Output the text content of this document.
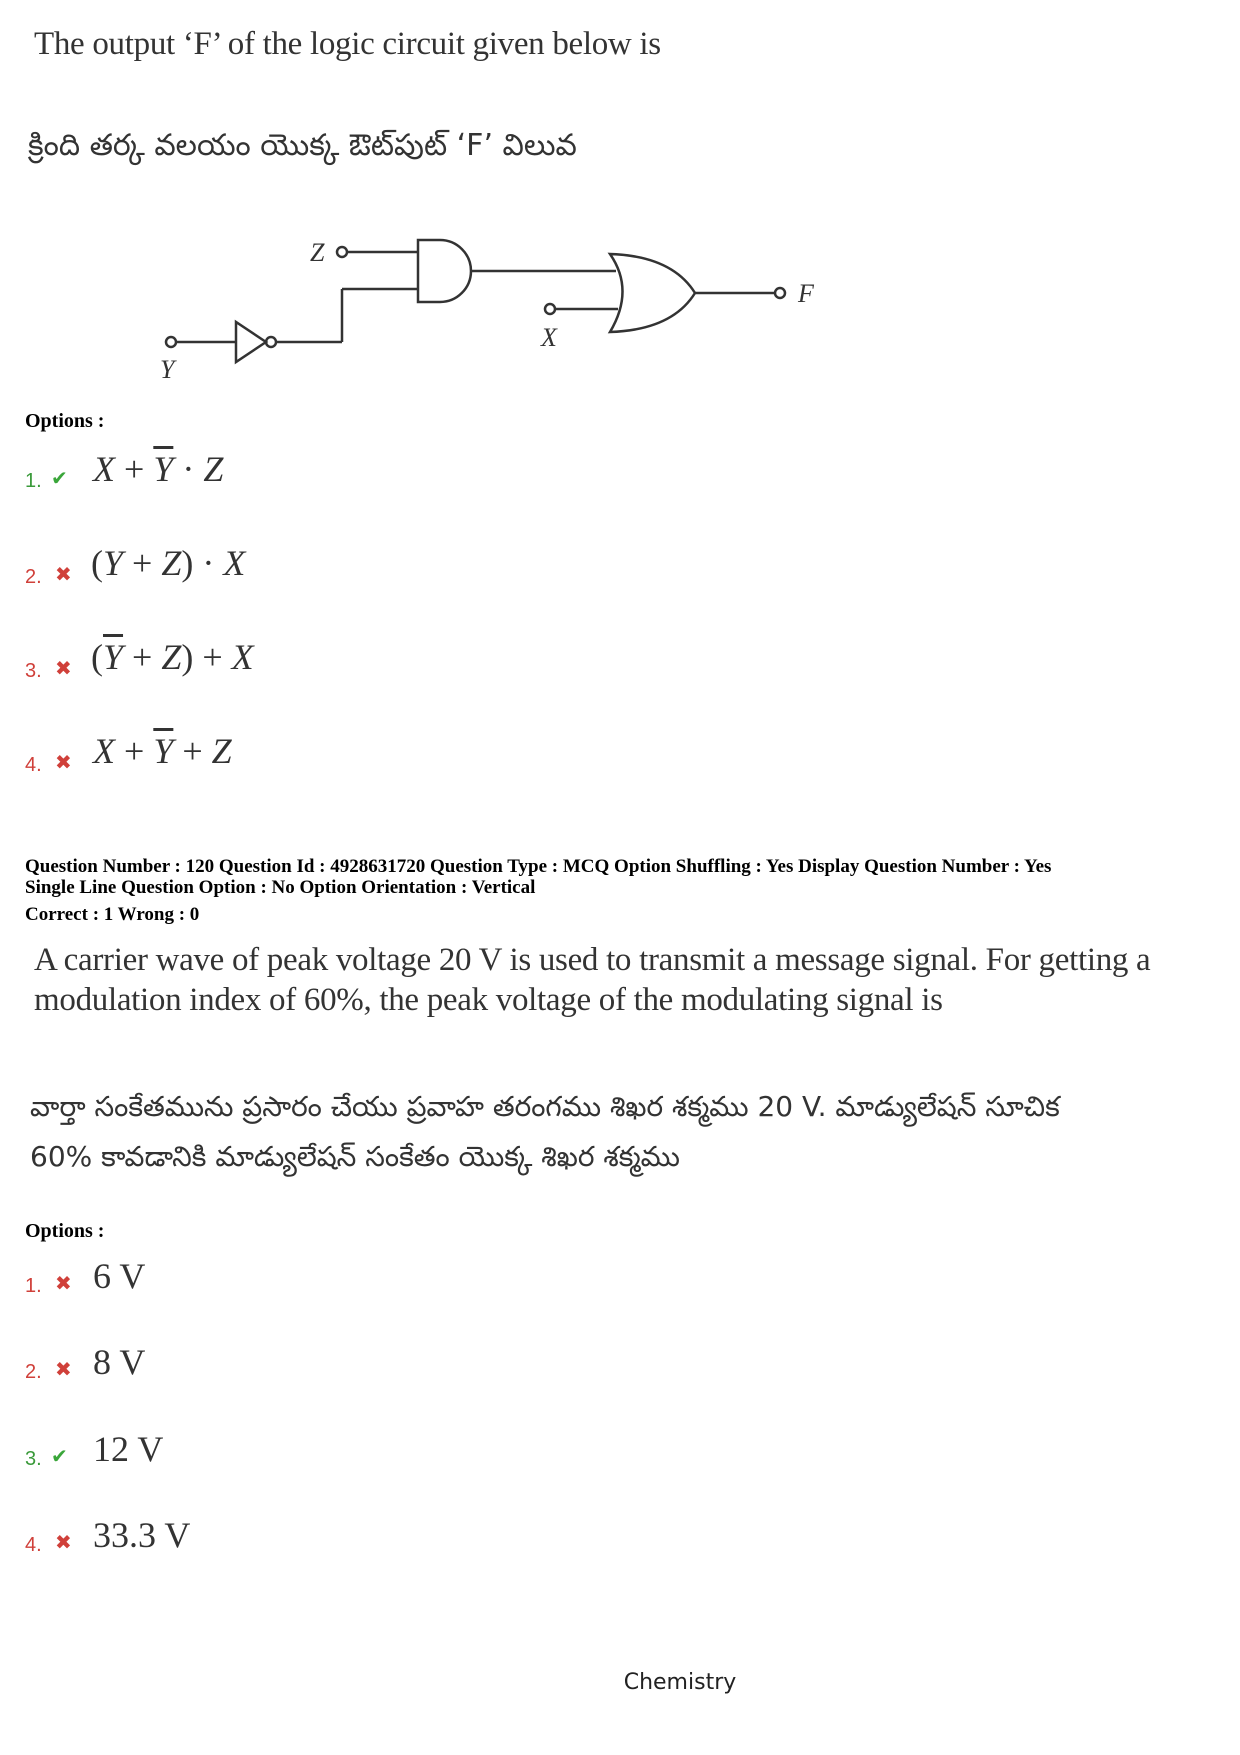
The output ‘F’ of the logic circuit given below is
క్రింది తర్క వలయం యొక్క ఔట్‌పుట్ ‘F’ విలువ
Z
Y
X
F
Options :
1. ✔ $X + \overline{Y} \cdot Z$
2. ✖ (Y + Z) · X
3. ✖ $(\overline{Y} + Z) + X$
4. ✖ $X + \overline{Y} + Z$
Question Number : 120 Question Id : 4928631720 Question Type : MCQ Option Shuffling : Yes Display Question Number : Yes
Single Line Question Option : No Option Orientation : Vertical
Correct : 1 Wrong : 0
A carrier wave of peak voltage 20 V is used to transmit a message signal. For getting a
modulation index of 60%, the peak voltage of the modulating signal is
వార్తా సంకేతమును ప్రసారం చేయు ప్రవాహ తరంగము శిఖర శక్మము 20 V. మాడ్యులేషన్ సూచిక
60% కావడానికి మాడ్యులేషన్ సంకేతం యొక్క శిఖర శక్మము
Options :
1. ✖ 6 V
2. ✖ 8 V
3. ✔ 12 V
4. ✖ 33.3 V
Chemistry
